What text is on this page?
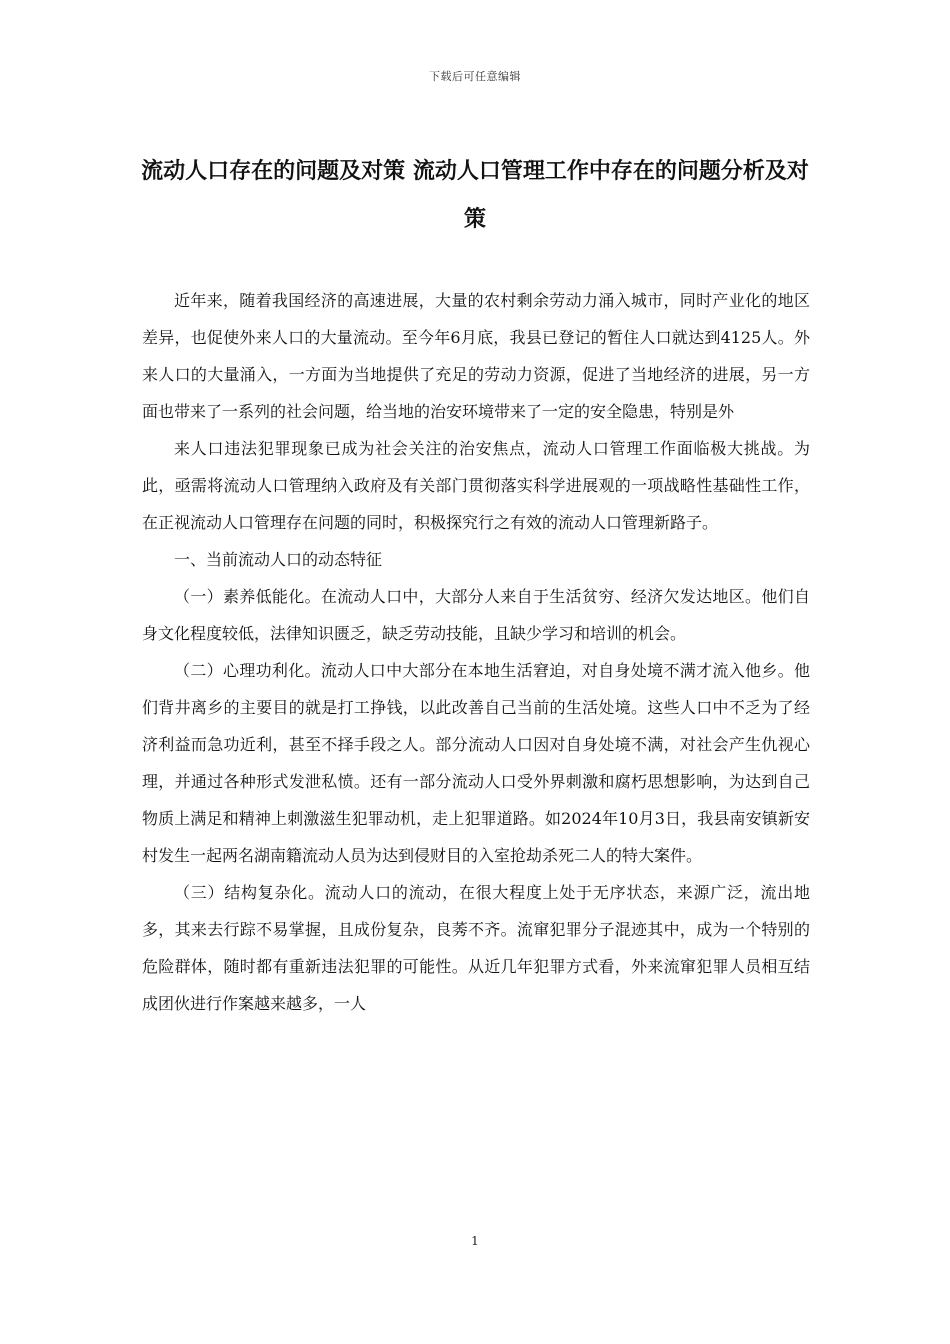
下载后可任意编辑
流动人口存在的问题及对策 流动人口管理工作中存在的问题分析及对策

近年来，随着我国经济的高速进展，大量的农村剩余劳动力涌入城市，同时产业化的地区差异，也促使外来人口的大量流动。至今年6月底，我县已登记的暂住人口就达到4125人。外来人口的大量涌入，一方面为当地提供了充足的劳动力资源，促进了当地经济的进展，另一方面也带来了一系列的社会问题，给当地的治安环境带来了一定的安全隐患，特别是外

来人口违法犯罪现象已成为社会关注的治安焦点，流动人口管理工作面临极大挑战。为此，亟需将流动人口管理纳入政府及有关部门贯彻落实科学进展观的一项战略性基础性工作，在正视流动人口管理存在问题的同时，积极探究行之有效的流动人口管理新路子。

一、当前流动人口的动态特征

（一）素养低能化。在流动人口中，大部分人来自于生活贫穷、经济欠发达地区。他们自身文化程度较低，法律知识匮乏，缺乏劳动技能，且缺少学习和培训的机会。

（二）心理功利化。流动人口中大部分在本地生活窘迫，对自身处境不满才流入他乡。他们背井离乡的主要目的就是打工挣钱，以此改善自己当前的生活处境。这些人口中不乏为了经济利益而急功近利，甚至不择手段之人。部分流动人口因对自身处境不满，对社会产生仇视心理，并通过各种形式发泄私愤。还有一部分流动人口受外界刺激和腐朽思想影响，为达到自己物质上满足和精神上刺激滋生犯罪动机，走上犯罪道路。如2024年10月3日，我县南安镇新安村发生一起两名湖南籍流动人员为达到侵财目的入室抢劫杀死二人的特大案件。

（三）结构复杂化。流动人口的流动，在很大程度上处于无序状态，来源广泛，流出地多，其来去行踪不易掌握，且成份复杂，良莠不齐。流窜犯罪分子混迹其中，成为一个特别的危险群体，随时都有重新违法犯罪的可能性。从近几年犯罪方式看，外来流窜犯罪人员相互结成团伙进行作案越来越多，一人

1
